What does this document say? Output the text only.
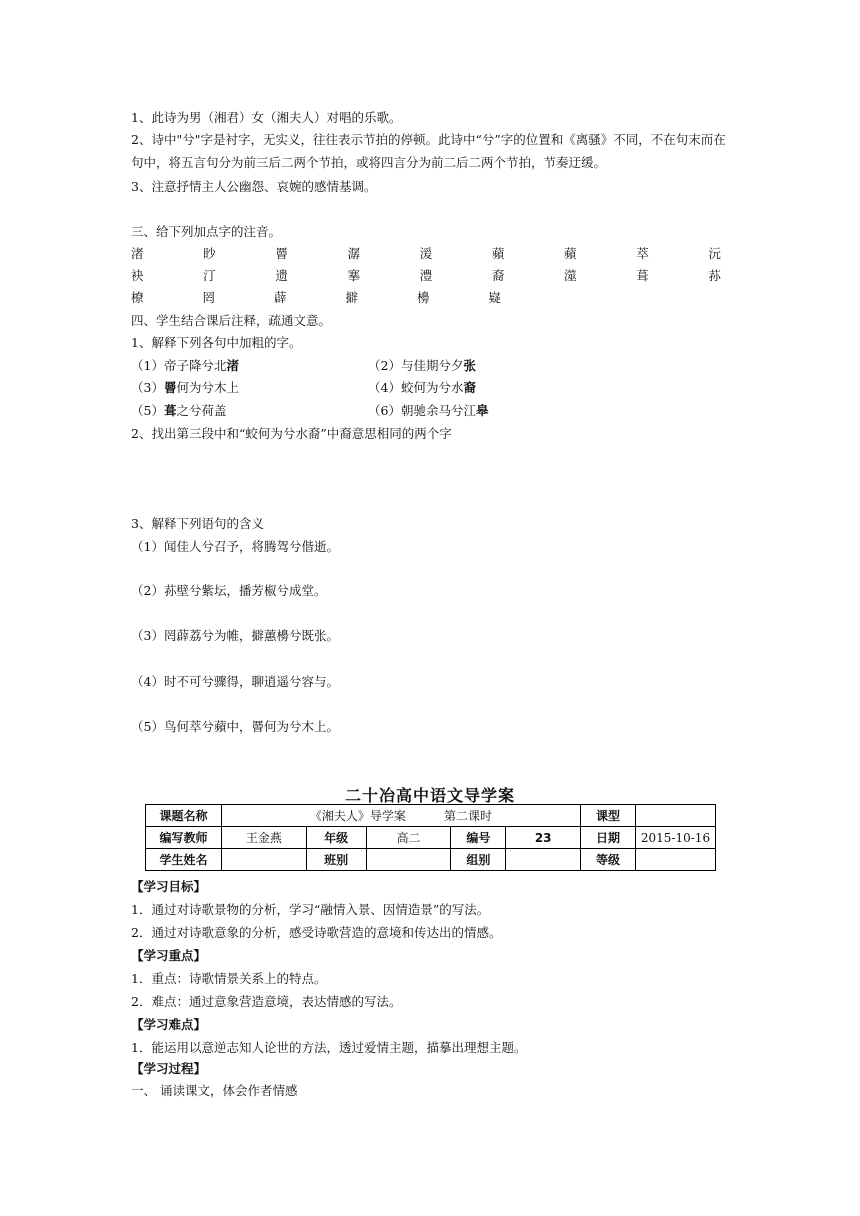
1、此诗为男（湘君）女（湘夫人）对唱的乐歌。
2、诗中"兮"字是衬字，无实义，往往表示节拍的停顿。此诗中“兮”字的位置和《离骚》不同，不在句末而在句中，将五言句分为前三后二两个节拍，或将四言分为前二后二两个节拍，节奏迂缓。
3、注意抒情主人公幽怨、哀婉的感情基调。
三、给下列加点字的注音。
渚	眇	罾	潺	湲	蘋	蘋	萃	沅
袂	汀	遗	搴	澧	裔	澨	葺	荪
橑	罔	薜	擗	櫋	嶷
四、学生结合课后注释，疏通文意。
1、解释下列各句中加粗的字。
（1）帝子降兮北渚	（2）与佳期兮夕张
（3）罾何为兮木上	（4）蛟何为兮水裔
（5）葺之兮荷盖	（6）朝驰余马兮江皋
2、找出第三段中和“蛟何为兮水裔”中裔意思相同的两个字
3、解释下列语句的含义
（1）闻佳人兮召予，将腾驾兮偕逝。
（2）荪壁兮紫坛，播芳椒兮成堂。
（3）罔薜荔兮为帷，擗蕙櫋兮既张。
（4）时不可兮骤得，聊逍遥兮容与。
（5）鸟何萃兮蘋中，罾何为兮木上。
二十冶高中语文导学案
课题名称	《湘夫人》导学案          第二课时					课型	
编写教师	王金燕	年级	高二	编号	23	日期	2015-10-16
学生姓名		班别		组别		等级	
【学习目标】
1．通过对诗歌景物的分析，学习“融情入景、因情造景”的写法。
2．通过对诗歌意象的分析，感受诗歌营造的意境和传达出的情感。
【学习重点】
1．重点：诗歌情景关系上的特点。
2．难点：通过意象营造意境，表达情感的写法。
【学习难点】
1．能运用以意逆志知人论世的方法，透过爱情主题，描摹出理想主题。
【学习过程】
一、 诵读课文，体会作者情感
